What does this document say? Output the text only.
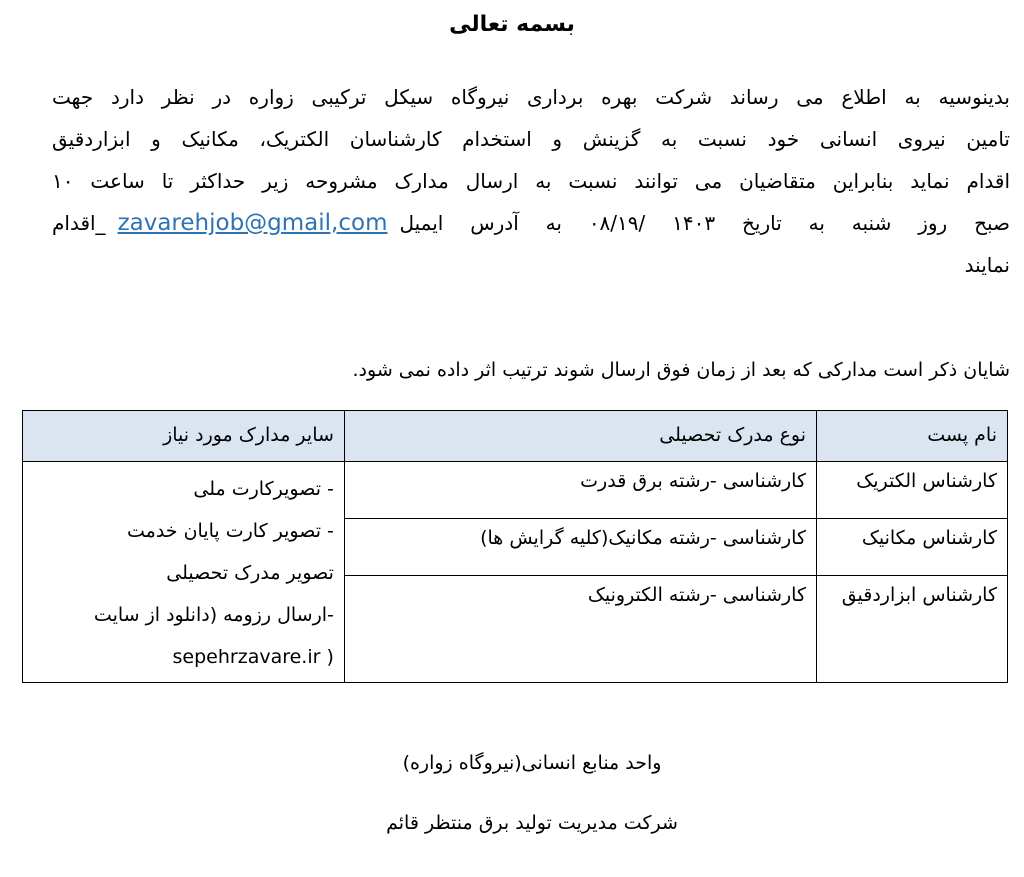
بسمه تعالی
بدینوسیه به اطلاع می رساند شرکت بهره برداری نیروگاه سیکل ترکیبی زواره در نظر دارد جهت
تامین نیروی انسانی خود نسبت به گزینش و استخدام کارشناسان الکتریک، مکانیک و ابزاردقیق
اقدام نماید بنابراین متقاضیان می توانند نسبت به ارسال مدارک مشروحه زیر حداکثر تا ساعت ۱۰
صبح روز شنبه به تاریخ ۱۴۰۳ /۰۸/۱۹ به آدرس ایمیلzavarehjob@gmail,com_اقدام
نمایند
شایان ذکر است مدارکی که بعد از زمان فوق ارسال شوند ترتیب اثر داده نمی شود.
نام پست	نوع مدرک تحصیلی	سایر مدارک مورد نیاز
کارشناس الکتریک	کارشناسی -رشته برق قدرت	- تصویرکارت ملی
- تصویر کارت پایان خدمت
تصویر مدرک تحصیلی
-ارسال رزومه (دانلود از سایت
sepehrzavare.ir )

کارشناس مکانیک	کارشناسی -رشته مکانیک(کلیه گرایش ها)	
کارشناس ابزاردقیق	کارشناسی -رشته الکترونیک	
واحد منابع انسانی(نیروگاه زواره)
شرکت مدیریت تولید برق منتظر قائم
